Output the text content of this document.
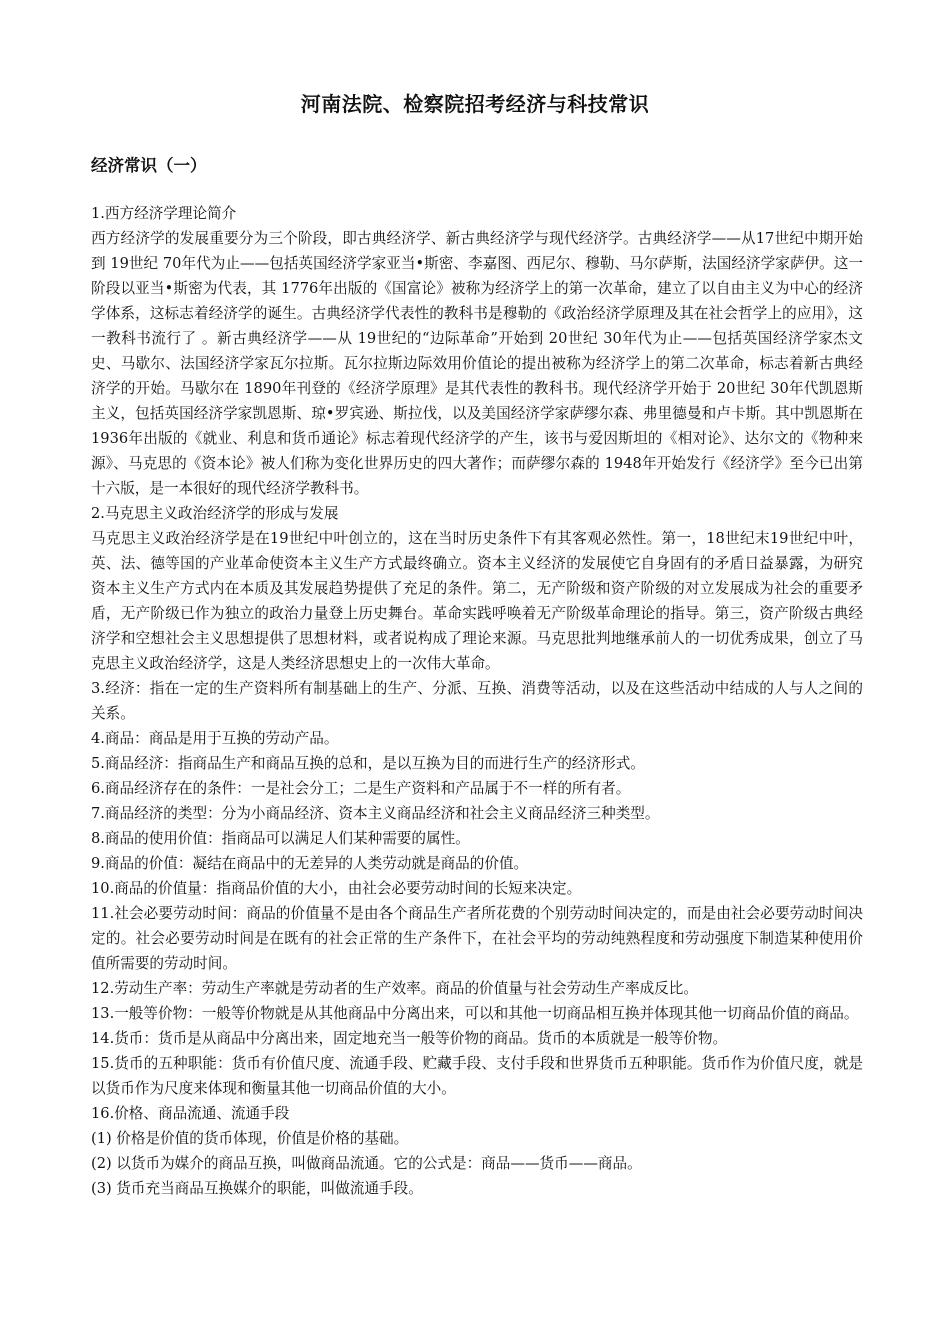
河南法院、检察院招考经济与科技常识
经济常识（一）

1.西方经济学理论简介

西方经济学的发展重要分为三个阶段，即古典经济学、新古典经济学与现代经济学。古典经济学——从17世纪中期开始到 19世纪 70年代为止——包括英国经济学家亚当•斯密、李嘉图、西尼尔、穆勒、马尔萨斯，法国经济学家萨伊。这一阶段以亚当•斯密为代表，其 1776年出版的《国富论》被称为经济学上的第一次革命，建立了以自由主义为中心的经济学体系，这标志着经济学的诞生。古典经济学代表性的教科书是穆勒的《政治经济学原理及其在社会哲学上的应用》，这一教科书流行了 。新古典经济学——从 19世纪的“边际革命”开始到 20世纪 30年代为止——包括英国经济学家杰文史、马歇尔、法国经济学家瓦尔拉斯。瓦尔拉斯边际效用价值论的提出被称为经济学上的第二次革命，标志着新古典经济学的开始。马歇尔在 1890年刊登的《经济学原理》是其代表性的教科书。现代经济学开始于 20世纪 30年代凯恩斯主义，包括英国经济学家凯恩斯、琼•罗宾逊、斯拉伐，以及美国经济学家萨缪尔森、弗里德曼和卢卡斯。其中凯恩斯在1936年出版的《就业、利息和货币通论》标志着现代经济学的产生，该书与爱因斯坦的《相对论》、达尔文的《物种来源》、马克思的《资本论》被人们称为变化世界历史的四大著作；而萨缪尔森的 1948年开始发行《经济学》至今已出第十六版，是一本很好的现代经济学教科书。

2.马克思主义政治经济学的形成与发展

马克思主义政治经济学是在19世纪中叶创立的，这在当时历史条件下有其客观必然性。第一，18世纪末19世纪中叶，英、法、德等国的产业革命使资本主义生产方式最终确立。资本主义经济的发展使它自身固有的矛盾日益暴露，为研究资本主义生产方式内在本质及其发展趋势提供了充足的条件。第二，无产阶级和资产阶级的对立发展成为社会的重要矛盾，无产阶级已作为独立的政治力量登上历史舞台。革命实践呼唤着无产阶级革命理论的指导。第三，资产阶级古典经济学和空想社会主义思想提供了思想材料，或者说构成了理论来源。马克思批判地继承前人的一切优秀成果，创立了马克思主义政治经济学，这是人类经济思想史上的一次伟大革命。

3.经济：指在一定的生产资料所有制基础上的生产、分派、互换、消费等活动，以及在这些活动中结成的人与人之间的关系。

4.商品：商品是用于互换的劳动产品。

5.商品经济：指商品生产和商品互换的总和，是以互换为目的而进行生产的经济形式。

6.商品经济存在的条件：一是社会分工；二是生产资料和产品属于不一样的所有者。

7.商品经济的类型：分为小商品经济、资本主义商品经济和社会主义商品经济三种类型。

8.商品的使用价值：指商品可以满足人们某种需要的属性。

9.商品的价值：凝结在商品中的无差异的人类劳动就是商品的价值。

10.商品的价值量：指商品价值的大小，由社会必要劳动时间的长短来决定。

11.社会必要劳动时间：商品的价值量不是由各个商品生产者所花费的个别劳动时间决定的，而是由社会必要劳动时间决定的。社会必要劳动时间是在既有的社会正常的生产条件下，在社会平均的劳动纯熟程度和劳动强度下制造某种使用价值所需要的劳动时间。

12.劳动生产率：劳动生产率就是劳动者的生产效率。商品的价值量与社会劳动生产率成反比。

13.一般等价物：一般等价物就是从其他商品中分离出来，可以和其他一切商品相互换并体现其他一切商品价值的商品。

14.货币：货币是从商品中分离出来，固定地充当一般等价物的商品。货币的本质就是一般等价物。

15.货币的五种职能：货币有价值尺度、流通手段、贮藏手段、支付手段和世界货币五种职能。货币作为价值尺度，就是以货币作为尺度来体现和衡量其他一切商品价值的大小。

16.价格、商品流通、流通手段

(1) 价格是价值的货币体现，价值是价格的基础。

(2) 以货币为媒介的商品互换，叫做商品流通。它的公式是：商品——货币——商品。

(3) 货币充当商品互换媒介的职能，叫做流通手段。
